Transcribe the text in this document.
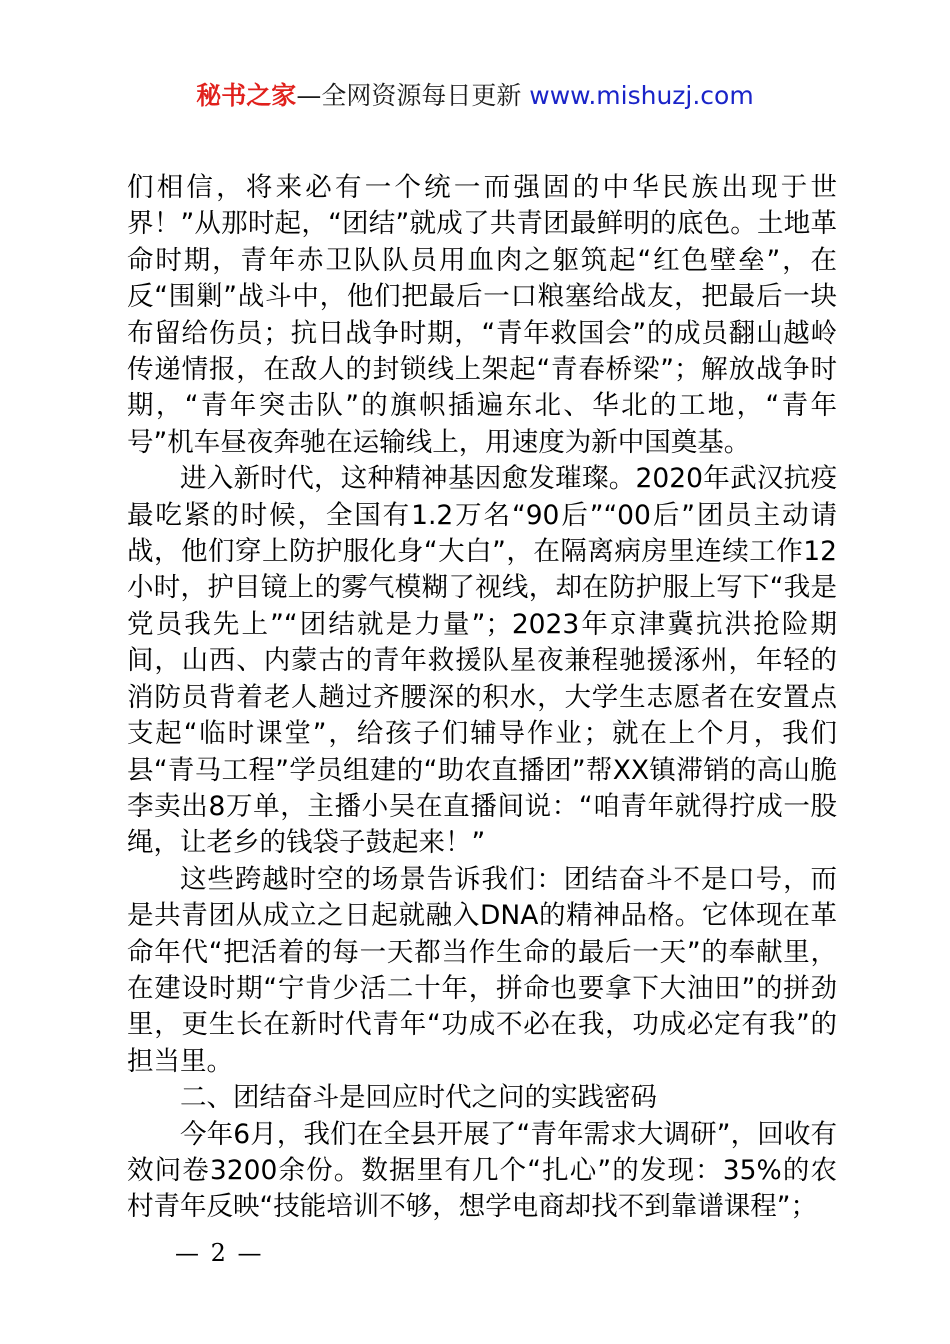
秘书之家—全网资源每日更新 www.mishuzj.com

们相信，将来必有一个统一而强固的中华民族出现于世界！”从那时起，“团结”就成了共青团最鲜明的底色。土地革命时期，青年赤卫队队员用血肉之躯筑起“红色壁垒”，在反“围剿”战斗中，他们把最后一口粮塞给战友，把最后一块布留给伤员；抗日战争时期，“青年救国会”的成员翻山越岭传递情报，在敌人的封锁线上架起“青春桥梁”；解放战争时期，“青年突击队”的旗帜插遍东北、华北的工地，“青年号”机车昼夜奔驰在运输线上，用速度为新中国奠基。

进入新时代，这种精神基因愈发璀璨。2020年武汉抗疫最吃紧的时候，全国有1.2万名“90后”“00后”团员主动请战，他们穿上防护服化身“大白”，在隔离病房里连续工作12小时，护目镜上的雾气模糊了视线，却在防护服上写下“我是党员我先上”“团结就是力量”；2023年京津冀抗洪抢险期间，山西、内蒙古的青年救援队星夜兼程驰援涿州，年轻的消防员背着老人趟过齐腰深的积水，大学生志愿者在安置点支起“临时课堂”，给孩子们辅导作业；就在上个月，我们县“青马工程”学员组建的“助农直播团”帮XX镇滞销的高山脆李卖出8万单，主播小吴在直播间说：“咱青年就得拧成一股绳，让老乡的钱袋子鼓起来！”

这些跨越时空的场景告诉我们：团结奋斗不是口号，而是共青团从成立之日起就融入DNA的精神品格。它体现在革命年代“把活着的每一天都当作生命的最后一天”的奉献里，在建设时期“宁肯少活二十年，拼命也要拿下大油田”的拼劲里，更生长在新时代青年“功成不必在我，功成必定有我”的担当里。

二、团结奋斗是回应时代之问的实践密码

今年6月，我们在全县开展了“青年需求大调研”，回收有效问卷3200余份。数据里有几个“扎心”的发现：35%的农村青年反映“技能培训不够，想学电商却找不到靠谱课程”；

— 2 —
